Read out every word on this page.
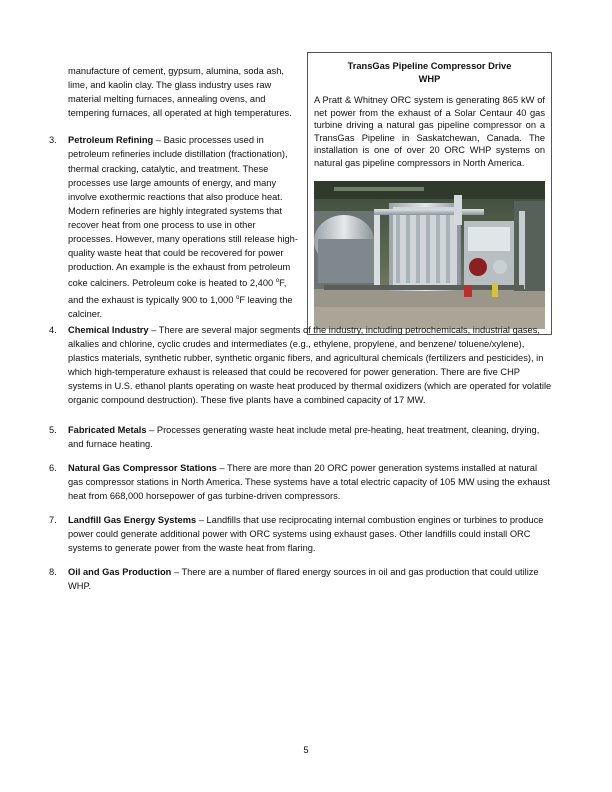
manufacture of cement, gypsum, alumina, soda ash, lime, and kaolin clay. The glass industry uses raw material melting furnaces, annealing ovens, and tempering furnaces, all operated at high temperatures.

3. Petroleum Refining – Basic processes used in petroleum refineries include distillation (fractionation), thermal cracking, catalytic, and treatment. These processes use large amounts of energy, and many involve exothermic reactions that also produce heat. Modern refineries are highly integrated systems that recover heat from one process to use in other processes. However, many operations still release high-quality waste heat that could be recovered for power production. An example is the exhaust from petroleum coke calciners. Petroleum coke is heated to 2,400 $^o$F, and the exhaust is typically 900 to 1,000 $^o$F leaving the calciner.

TransGas Pipeline Compressor Drive
WHP
A Pratt & Whitney ORC system is generating 865 kW of net power from the exhaust of a Solar Centaur 40 gas turbine driving a natural gas pipeline compressor on a TransGas Pipeline in Saskatchewan, Canada. The installation is one of over 20 ORC WHP systems on natural gas pipeline compressors in North America.
4. Chemical Industry – There are several major segments of the industry, including petrochemicals, industrial gases, alkalies and chlorine, cyclic crudes and intermediates (e.g., ethylene, propylene, and benzene/ toluene/xylene), plastics materials, synthetic rubber, synthetic organic fibers, and agricultural chemicals (fertilizers and pesticides), in which high-temperature exhaust is released that could be recovered for power generation. There are five CHP systems in U.S. ethanol plants operating on waste heat produced by thermal oxidizers (which are operated for volatile organic compound destruction). These five plants have a combined capacity of 17 MW.

5. Fabricated Metals – Processes generating waste heat include metal pre-heating, heat treatment, cleaning, drying, and furnace heating.

6. Natural Gas Compressor Stations – There are more than 20 ORC power generation systems installed at natural gas compressor stations in North America. These systems have a total electric capacity of 105 MW using the exhaust heat from 668,000 horsepower of gas turbine-driven compressors.

7. Landfill Gas Energy Systems – Landfills that use reciprocating internal combustion engines or turbines to produce power could generate additional power with ORC systems using exhaust gases. Other landfills could install ORC systems to generate power from the waste heat from flaring.

8. Oil and Gas Production – There are a number of flared energy sources in oil and gas production that could utilize WHP.

5
